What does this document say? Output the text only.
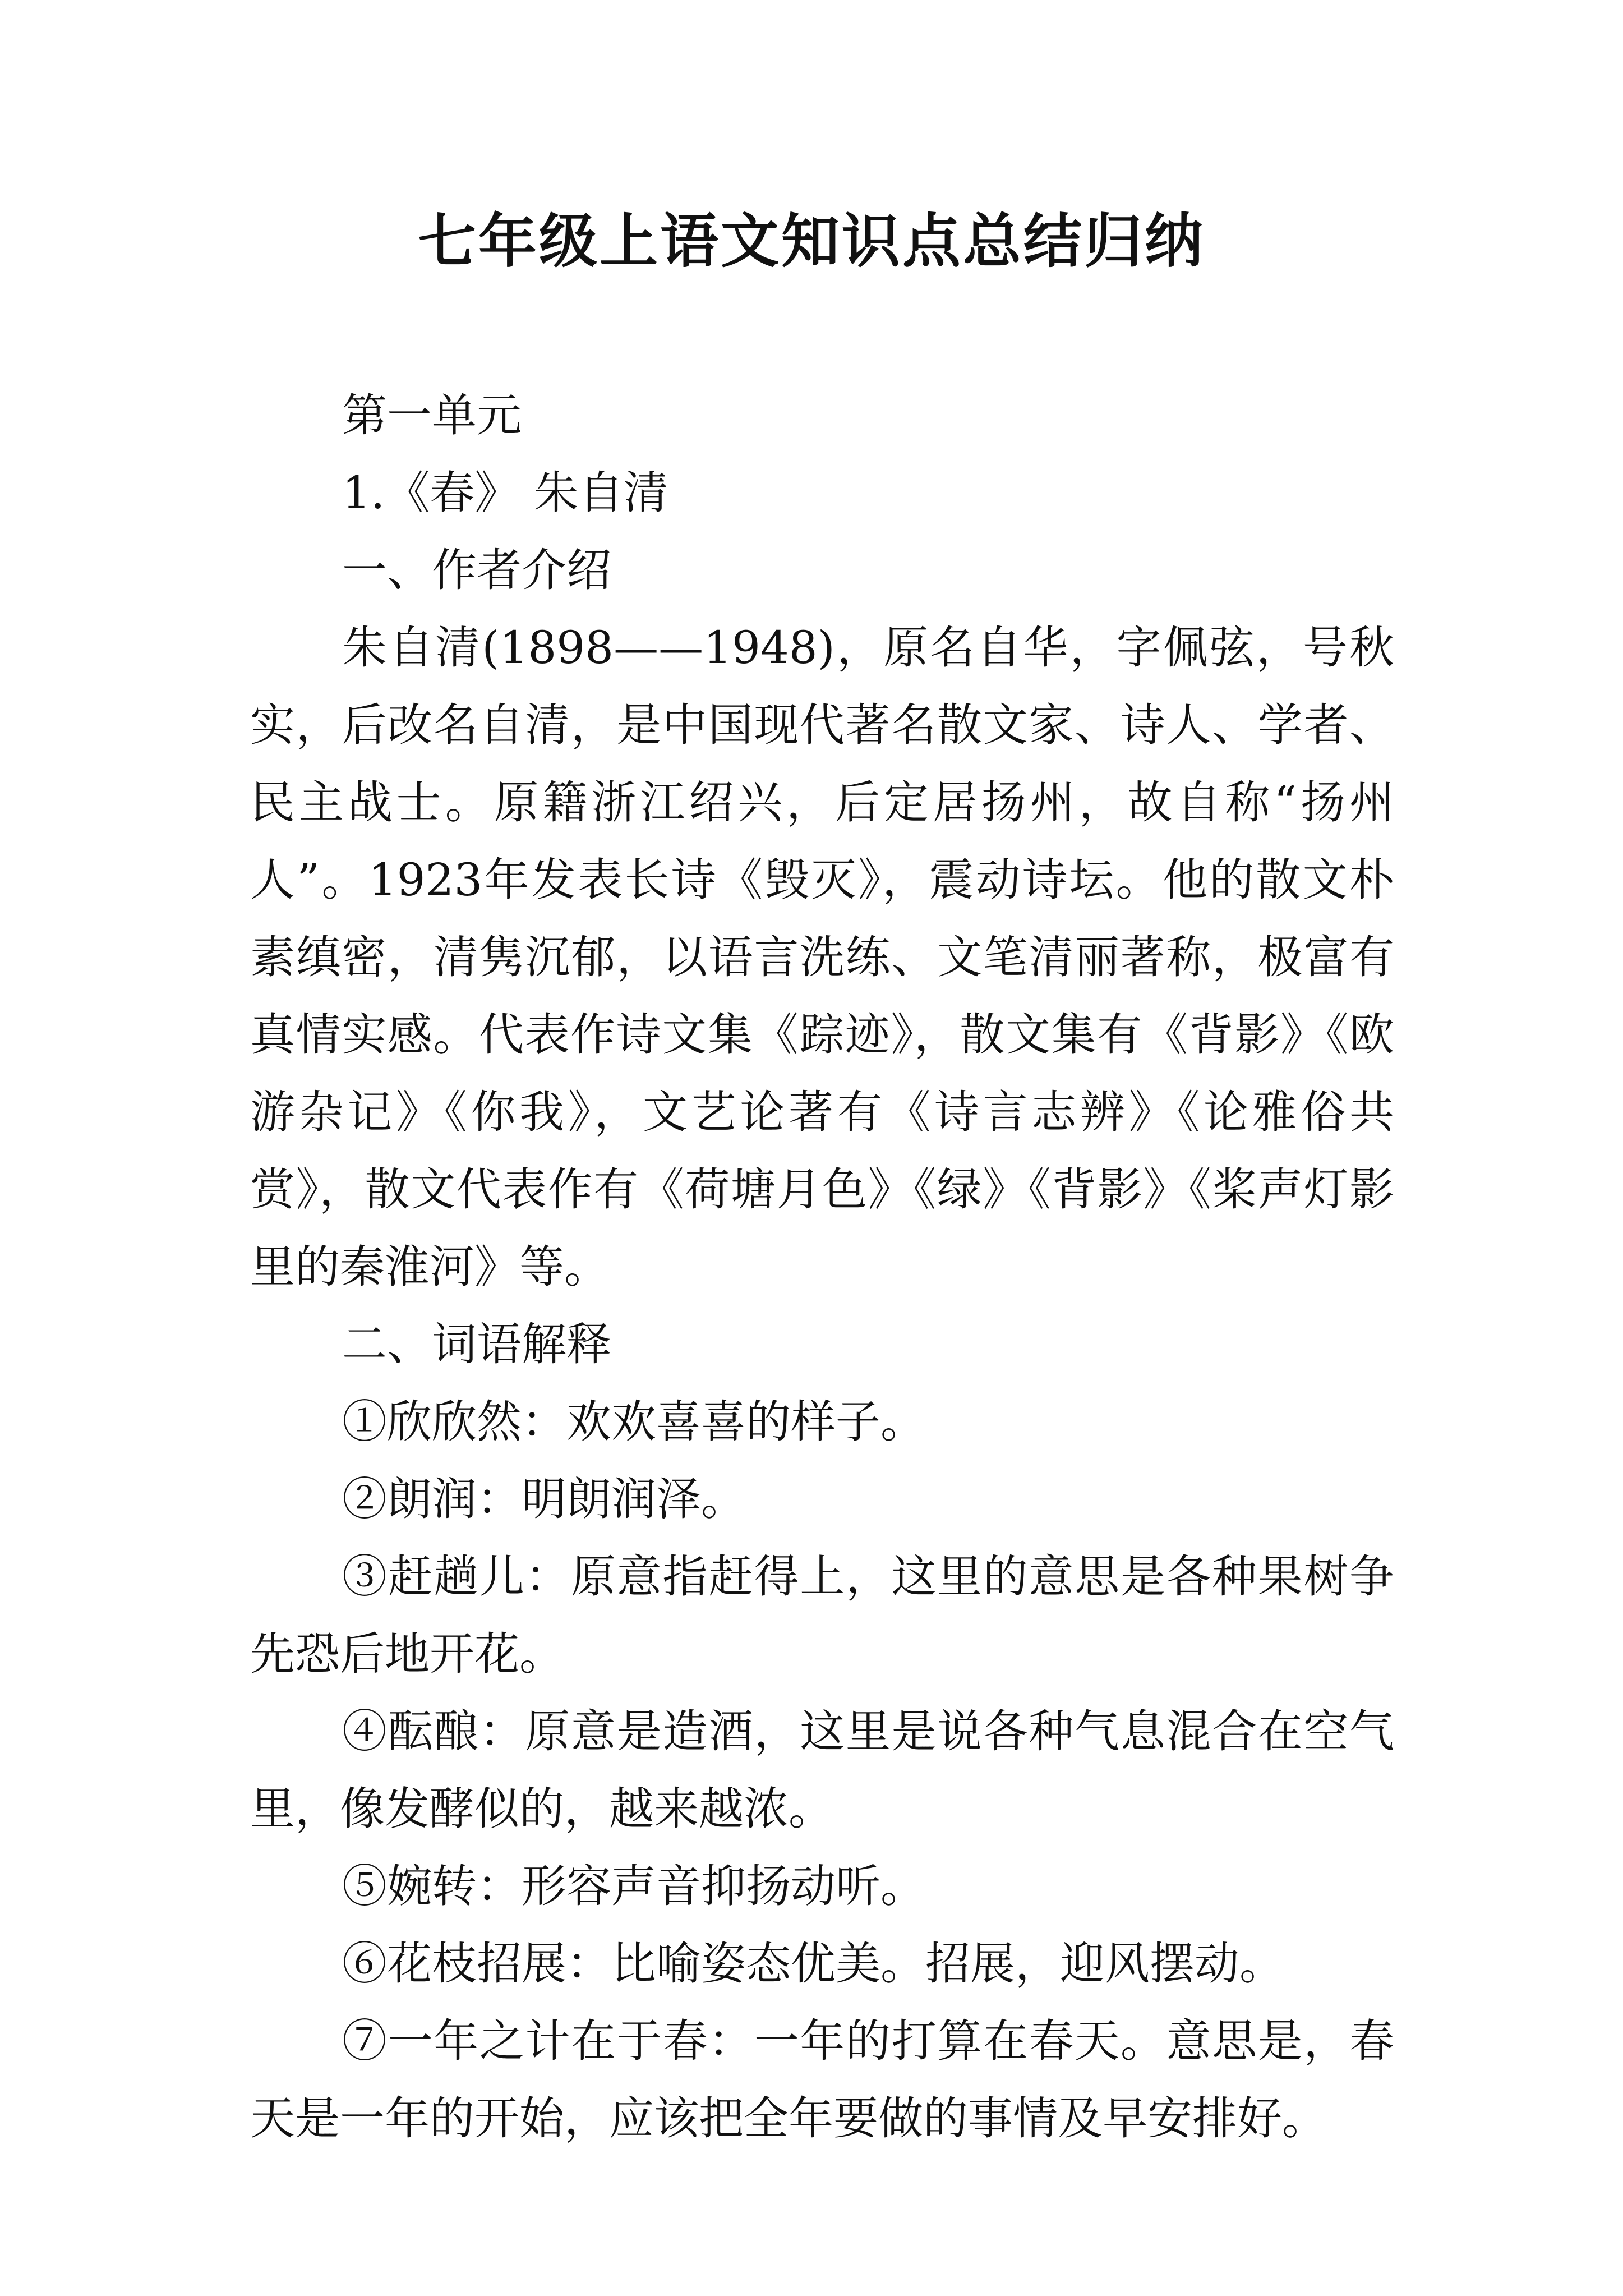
七年级上语文知识点总结归纳

第一单元

1.《春》 朱自清

一、作者介绍

朱自清(1898——1948)，原名自华，字佩弦，号秋实，后改名自清，是中国现代著名散文家、诗人、学者、民主战士。原籍浙江绍兴，后定居扬州，故自称“扬州人”。1923年发表长诗《毁灭》，震动诗坛。他的散文朴素缜密，清隽沉郁，以语言洗练、文笔清丽著称，极富有真情实感。代表作诗文集《踪迹》，散文集有《背影》《欧游杂记》《你我》，文艺论著有《诗言志辨》《论雅俗共赏》，散文代表作有《荷塘月色》《绿》《背影》《桨声灯影里的秦淮河》等。

二、词语解释

①欣欣然：欢欢喜喜的样子。

②朗润：明朗润泽。

③赶趟儿：原意指赶得上，这里的意思是各种果树争先恐后地开花。

④酝酿：原意是造酒，这里是说各种气息混合在空气里，像发酵似的，越来越浓。

⑤婉转：形容声音抑扬动听。

⑥花枝招展：比喻姿态优美。招展，迎风摆动。

⑦一年之计在于春：一年的打算在春天。意思是，春天是一年的开始，应该把全年要做的事情及早安排好。
